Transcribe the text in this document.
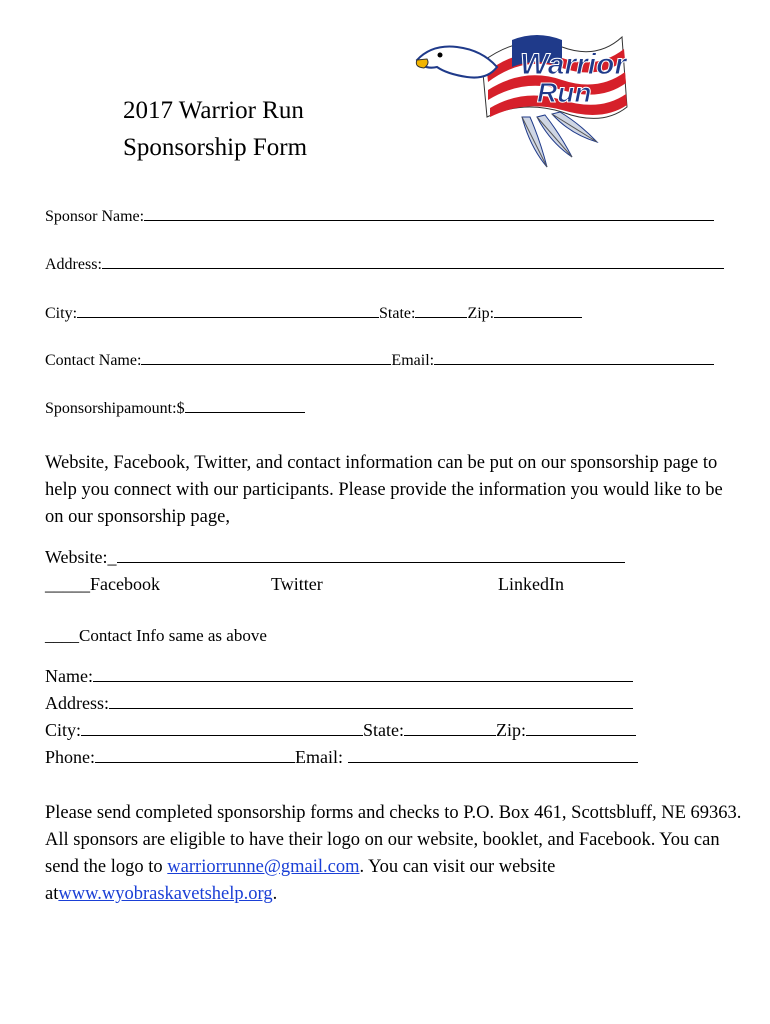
Warrior
Run
2017 Warrior Run
Sponsorship Form
Sponsor Name:
Address:
City:	State:	Zip:
Contact Name:	Email:
Sponsorshipamount:$
Website, Facebook, Twitter, and contact information can be put on our sponsorship page to help you connect with our participants. Please provide the information you would like to be on our sponsorship page,
Website:_
_____Facebook	Twitter	LinkedIn
____Contact Info same as above
Name:
Address:
City:	State:	Zip:
Phone:	Email:
Please send completed sponsorship forms and checks to P.O. Box 461, Scottsbluff, NE 69363. All sponsors are eligible to have their logo on our website, booklet, and Facebook. You can send the logo to warriorrunne@gmail.com. You can visit our website atwww.wyobraskavetshelp.org.
